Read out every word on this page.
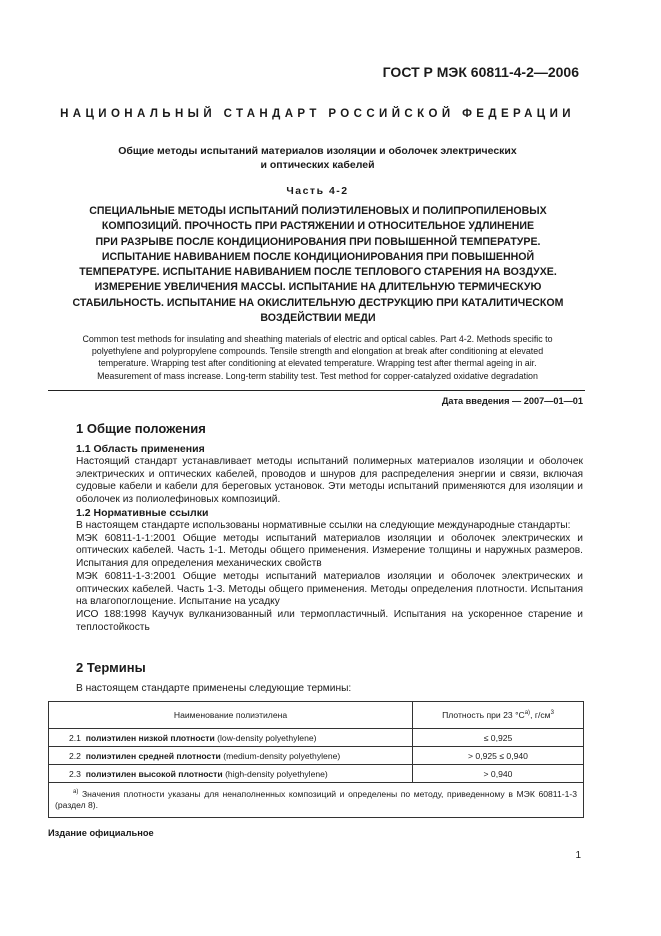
ГОСТ Р МЭК 60811-4-2—2006
НАЦИОНАЛЬНЫЙ СТАНДАРТ РОССИЙСКОЙ ФЕДЕРАЦИИ
Общие методы испытаний материалов изоляции и оболочек электрических
и оптических кабелей
Часть 4-2
СПЕЦИАЛЬНЫЕ МЕТОДЫ ИСПЫТАНИЙ ПОЛИЭТИЛЕНОВЫХ И ПОЛИПРОПИЛЕНОВЫХ
КОМПОЗИЦИЙ. ПРОЧНОСТЬ ПРИ РАСТЯЖЕНИИ И ОТНОСИТЕЛЬНОЕ УДЛИНЕНИЕ
ПРИ РАЗРЫВЕ ПОСЛЕ КОНДИЦИОНИРОВАНИЯ ПРИ ПОВЫШЕННОЙ ТЕМПЕРАТУРЕ.
ИСПЫТАНИЕ НАВИВАНИЕМ ПОСЛЕ КОНДИЦИОНИРОВАНИЯ ПРИ ПОВЫШЕННОЙ
ТЕМПЕРАТУРЕ. ИСПЫТАНИЕ НАВИВАНИЕМ ПОСЛЕ ТЕПЛОВОГО СТАРЕНИЯ НА ВОЗДУХЕ.
ИЗМЕРЕНИЕ УВЕЛИЧЕНИЯ МАССЫ. ИСПЫТАНИЕ НА ДЛИТЕЛЬНУЮ ТЕРМИЧЕСКУЮ
СТАБИЛЬНОСТЬ. ИСПЫТАНИЕ НА ОКИСЛИТЕЛЬНУЮ ДЕСТРУКЦИЮ ПРИ КАТАЛИТИЧЕСКОМ
ВОЗДЕЙСТВИИ МЕДИ
Common test methods for insulating and sheathing materials of electric and optical cables. Part 4-2. Methods specific to
polyethylene and polypropylene compounds. Tensile strength and elongation at break after conditioning at elevated
temperature. Wrapping test after conditioning at elevated temperature. Wrapping test after thermal ageing in air.
Measurement of mass increase. Long-term stability test. Test method for copper-catalyzed oxidative degradation
Дата введения — 2007—01—01
1 Общие положения
1.1 Область применения
Настоящий стандарт устанавливает методы испытаний полимерных материалов изоляции и оболочек электрических и оптических кабелей, проводов и шнуров для распределения энергии и связи, включая судовые кабели и кабели для береговых установок. Эти методы испытаний применяются для изоляции и оболочек из полиолефиновых композиций.
1.2 Нормативные ссылки
В настоящем стандарте использованы нормативные ссылки на следующие международные стандарты:
МЭК 60811-1-1:2001 Общие методы испытаний материалов изоляции и оболочек электрических и оптических кабелей. Часть 1-1. Методы общего применения. Измерение толщины и наружных размеров. Испытания для определения механических свойств
МЭК 60811-1-3:2001 Общие методы испытаний материалов изоляции и оболочек электрических и оптических кабелей. Часть 1-3. Методы общего применения. Методы определения плотности. Испытания на влагопоглощение. Испытание на усадку
ИСО 188:1998 Каучук вулканизованный или термопластичный. Испытания на ускоренное старение и теплостойкость
2 Термины
В настоящем стандарте применены следующие термины:
Наименование полиэтилена	Плотность при 23 $^\circ C^{а)}$, $г/см^3$
2.1 полиэтилен низкой плотности (low-density polyethylene)	≤ 0,925
2.2 полиэтилен средней плотности (medium-density polyethylene)	> 0,925 ≤ 0,940
2.3 полиэтилен высокой плотности (high-density polyethylene)	> 0,940
$^{а)}$ Значения плотности указаны для ненаполненных композиций и определены по методу, приведенному в МЭК 60811-1-3 (раздел 8).	
Издание официальное
1
